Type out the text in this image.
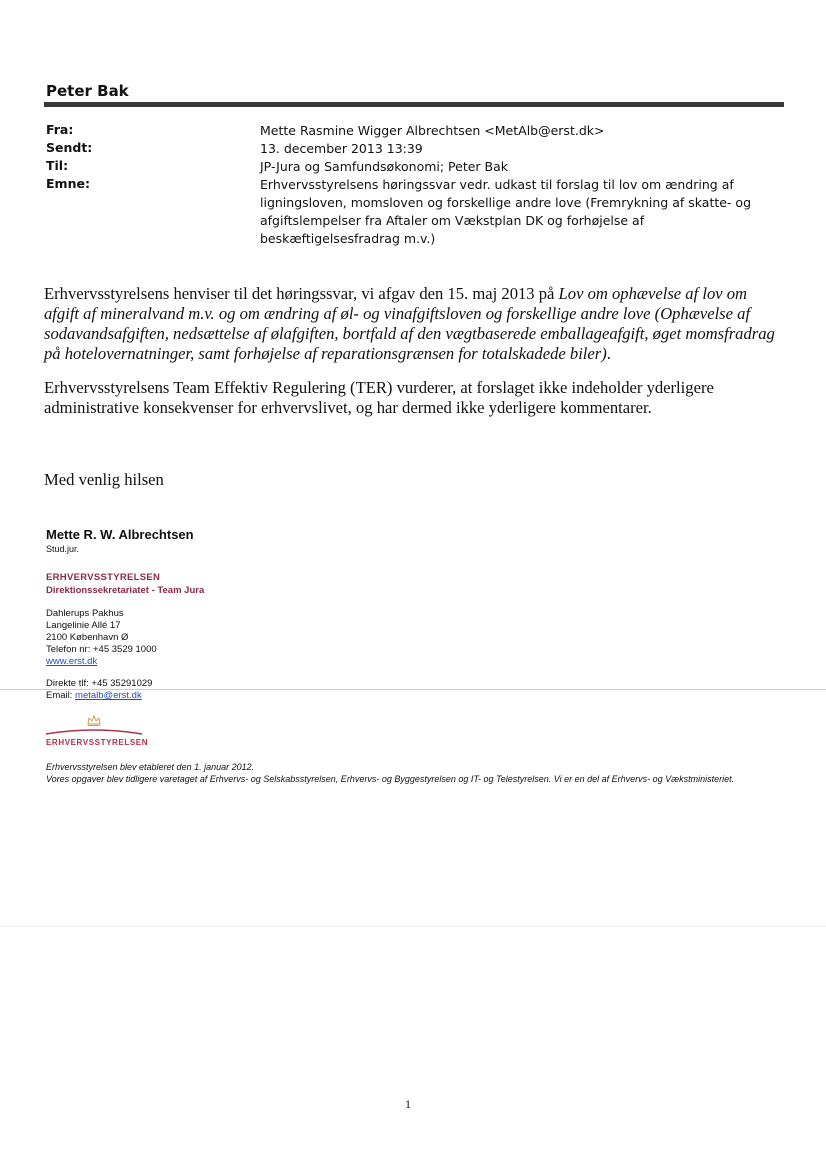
Peter Bak
Fra:	Mette Rasmine Wigger Albrechtsen <MetAlb@erst.dk>
Sendt:	13. december 2013 13:39
Til:	JP-Jura og Samfundsøkonomi; Peter Bak
Emne:	Erhvervsstyrelsens høringssvar vedr. udkast til forslag til lov om ændring af ligningsloven, momsloven og forskellige andre love (Fremrykning af skatte- og afgiftslempelser fra Aftaler om Vækstplan DK og forhøjelse af beskæftigelsesfradrag m.v.)
Erhvervsstyrelsens henviser til det høringssvar, vi afgav den 15. maj 2013 på Lov om ophævelse af lov om afgift af mineralvand m.v. og om ændring af øl- og vinafgiftsloven og forskellige andre love (Ophævelse af sodavandsafgiften, nedsættelse af ølafgiften, bortfald af den vægtbaserede emballageafgift, øget momsfradrag på hotelovernatninger, samt forhøjelse af reparationsgrænsen for totalskadede biler).
Erhvervsstyrelsens Team Effektiv Regulering (TER) vurderer, at forslaget ikke indeholder yderligere administrative konsekvenser for erhvervslivet, og har dermed ikke yderligere kommentarer.
Med venlig hilsen
Mette R. W. Albrechtsen
Stud.jur.
ERHVERVSSTYRELSEN
Direktionssekretariatet - Team Jura
Dahlerups Pakhus
Langelinie Allé 17
2100 København Ø
Telefon nr: +45 3529 1000
www.erst.dk
Direkte tlf: +45 35291029
Email: metalb@erst.dk
ERHVERVSSTYRELSEN
Erhvervsstyrelsen blev etableret den 1. januar 2012.
Vores opgaver blev tidligere varetaget af Erhvervs- og Selskabsstyrelsen, Erhvervs- og Byggestyrelsen og IT- og Telestyrelsen. Vi er en del af Erhvervs- og Vækstministeriet.
1
